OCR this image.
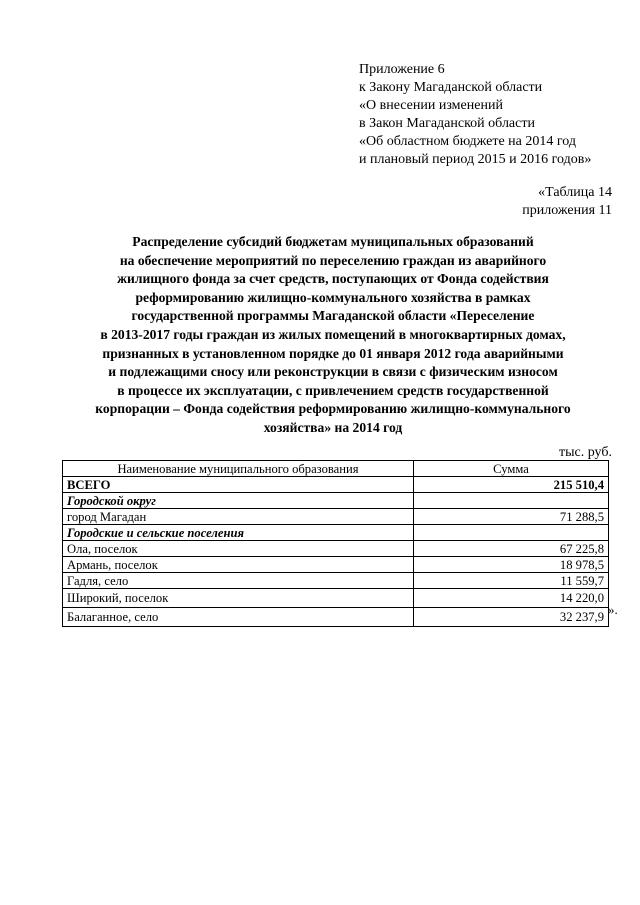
Приложение 6
к Закону Магаданской области
«О внесении изменений
в Закон Магаданской области
«Об областном бюджете на 2014 год
и плановый период 2015 и 2016 годов»
«Таблица 14
приложения 11
Распределение субсидий бюджетам муниципальных образований
на обеспечение мероприятий по переселению граждан из аварийного
жилищного фонда за счет средств, поступающих от Фонда содействия
реформированию жилищно-коммунального хозяйства в рамках
государственной программы Магаданской области «Переселение
в 2013-2017 годы граждан из жилых помещений в многоквартирных домах,
признанных в установленном порядке до 01 января 2012 года аварийными
и подлежащими сносу или реконструкции в связи с физическим износом
в процессе их эксплуатации, с привлечением средств государственной
корпорации – Фонда содействия реформированию жилищно-коммунального
хозяйства» на 2014 год
тыс. руб.
Наименование муниципального образования	Сумма
ВСЕГО	215 510,4
Городской округ	
город Магадан	71 288,5
Городские и сельские поселения	
Ола, поселок	67 225,8
Армань, поселок	18 978,5
Гадля, село	11 559,7
Широкий, поселок	14 220,0
Балаганное, село	32 237,9 ».
